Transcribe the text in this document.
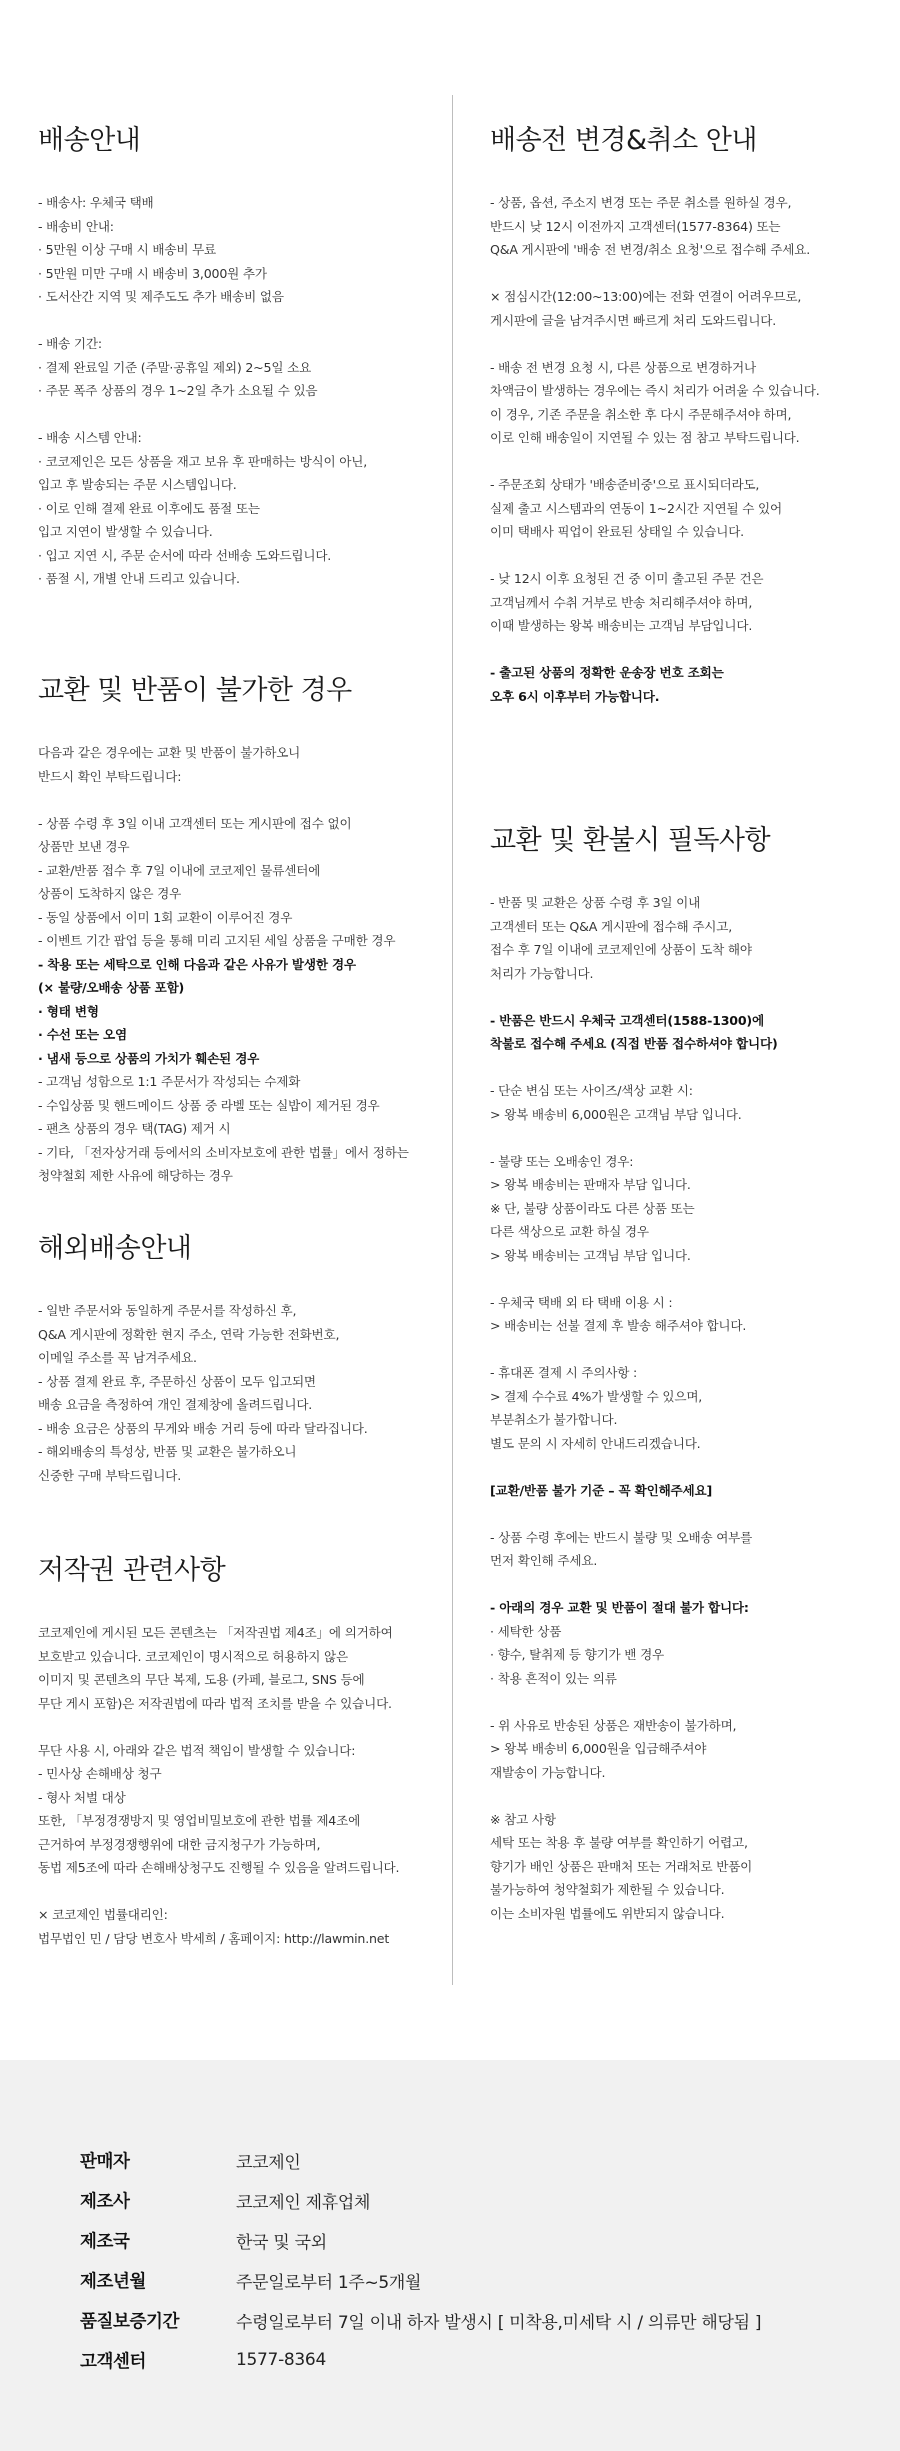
배송안내
- 배송사: 우체국 택배
- 배송비 안내:
· 5만원 이상 구매 시 배송비 무료
· 5만원 미만 구매 시 배송비 3,000원 추가
· 도서산간 지역 및 제주도도 추가 배송비 없음
- 배송 기간:
· 결제 완료일 기준 (주말·공휴일 제외) 2~5일 소요
· 주문 폭주 상품의 경우 1~2일 추가 소요될 수 있음
- 배송 시스템 안내:
· 코코제인은 모든 상품을 재고 보유 후 판매하는 방식이 아닌,
입고 후 발송되는 주문 시스템입니다.
· 이로 인해 결제 완료 이후에도 품절 또는
입고 지연이 발생할 수 있습니다.
· 입고 지연 시, 주문 순서에 따라 선배송 도와드립니다.
· 품절 시, 개별 안내 드리고 있습니다.
교환 및 반품이 불가한 경우
다음과 같은 경우에는 교환 및 반품이 불가하오니
반드시 확인 부탁드립니다:
- 상품 수령 후 3일 이내 고객센터 또는 게시판에 접수 없이
상품만 보낸 경우
- 교환/반품 접수 후 7일 이내에 코코제인 물류센터에
상품이 도착하지 않은 경우
- 동일 상품에서 이미 1회 교환이 이루어진 경우
- 이벤트 기간 팝업 등을 통해 미리 고지된 세일 상품을 구매한 경우
- 착용 또는 세탁으로 인해 다음과 같은 사유가 발생한 경우
(× 불량/오배송 상품 포함)
· 형태 변형
· 수선 또는 오염
· 냄새 등으로 상품의 가치가 훼손된 경우
- 고객님 성함으로 1:1 주문서가 작성되는 수제화
- 수입상품 및 핸드메이드 상품 중 라벨 또는 실밥이 제거된 경우
- 팬츠 상품의 경우 택(TAG) 제거 시
- 기타, 「전자상거래 등에서의 소비자보호에 관한 법률」에서 정하는
청약철회 제한 사유에 해당하는 경우
해외배송안내
- 일반 주문서와 동일하게 주문서를 작성하신 후,
Q&A 게시판에 정확한 현지 주소, 연락 가능한 전화번호,
이메일 주소를 꼭 남겨주세요.
- 상품 결제 완료 후, 주문하신 상품이 모두 입고되면
배송 요금을 측정하여 개인 결제창에 올려드립니다.
- 배송 요금은 상품의 무게와 배송 거리 등에 따라 달라집니다.
- 해외배송의 특성상, 반품 및 교환은 불가하오니
신중한 구매 부탁드립니다.
저작권 관련사항
코코제인에 게시된 모든 콘텐츠는 「저작권법 제4조」에 의거하여
보호받고 있습니다. 코코제인이 명시적으로 허용하지 않은
이미지 및 콘텐츠의 무단 복제, 도용 (카페, 블로그, SNS 등에
무단 게시 포함)은 저작권법에 따라 법적 조치를 받을 수 있습니다.
무단 사용 시, 아래와 같은 법적 책임이 발생할 수 있습니다:
- 민사상 손해배상 청구
- 형사 처벌 대상
또한, 「부정경쟁방지 및 영업비밀보호에 관한 법률 제4조에
근거하여 부정경쟁행위에 대한 금지청구가 가능하며,
동법 제5조에 따라 손해배상청구도 진행될 수 있음을 알려드립니다.
× 코코제인 법률대리인:
법무법인 민 / 담당 변호사 박세희 / 홈페이지: http://lawmin.net
배송전 변경&취소 안내
- 상품, 옵션, 주소지 변경 또는 주문 취소를 원하실 경우,
반드시 낮 12시 이전까지 고객센터(1577-8364) 또는
Q&A 게시판에 '배송 전 변경/취소 요청'으로 접수해 주세요.
× 점심시간(12:00~13:00)에는 전화 연결이 어려우므로,
게시판에 글을 남겨주시면 빠르게 처리 도와드립니다.
- 배송 전 변경 요청 시, 다른 상품으로 변경하거나
차액금이 발생하는 경우에는 즉시 처리가 어려울 수 있습니다.
이 경우, 기존 주문을 취소한 후 다시 주문해주셔야 하며,
이로 인해 배송일이 지연될 수 있는 점 참고 부탁드립니다.
- 주문조회 상태가 '배송준비중'으로 표시되더라도,
실제 출고 시스템과의 연동이 1~2시간 지연될 수 있어
이미 택배사 픽업이 완료된 상태일 수 있습니다.
- 낮 12시 이후 요청된 건 중 이미 출고된 주문 건은
고객님께서 수취 거부로 반송 처리해주셔야 하며,
이때 발생하는 왕복 배송비는 고객님 부담입니다.
- 출고된 상품의 정확한 운송장 번호 조회는
오후 6시 이후부터 가능합니다.
교환 및 환불시 필독사항
- 반품 및 교환은 상품 수령 후 3일 이내
고객센터 또는 Q&A 게시판에 접수해 주시고,
접수 후 7일 이내에 코코제인에 상품이 도착 해야
처리가 가능합니다.
- 반품은 반드시 우체국 고객센터(1588-1300)에
착불로 접수해 주세요 (직접 반품 접수하셔야 합니다)
- 단순 변심 또는 사이즈/색상 교환 시:
> 왕복 배송비 6,000원은 고객님 부담 입니다.
- 불량 또는 오배송인 경우:
> 왕복 배송비는 판매자 부담 입니다.
※ 단, 불량 상품이라도 다른 상품 또는
다른 색상으로 교환 하실 경우
> 왕복 배송비는 고객님 부담 입니다.
- 우체국 택배 외 타 택배 이용 시 :
> 배송비는 선불 결제 후 발송 해주셔야 합니다.
- 휴대폰 결제 시 주의사항 :
> 결제 수수료 4%가 발생할 수 있으며,
부분취소가 불가합니다.
별도 문의 시 자세히 안내드리겠습니다.
[교환/반품 불가 기준 – 꼭 확인해주세요]
- 상품 수령 후에는 반드시 불량 및 오배송 여부를
먼저 확인해 주세요.
- 아래의 경우 교환 및 반품이 절대 불가 합니다:
· 세탁한 상품
· 향수, 탈취제 등 향기가 밴 경우
· 착용 흔적이 있는 의류
- 위 사유로 반송된 상품은 재반송이 불가하며,
> 왕복 배송비 6,000원을 입금해주셔야
재발송이 가능합니다.
※ 참고 사항
세탁 또는 착용 후 불량 여부를 확인하기 어렵고,
향기가 배인 상품은 판매처 또는 거래처로 반품이
불가능하여 청약철회가 제한될 수 있습니다.
이는 소비자원 법률에도 위반되지 않습니다.
판매자	코코제인
제조사	코코제인 제휴업체
제조국	한국 및 국외
제조년월	주문일로부터 1주~5개월
품질보증기간	수령일로부터 7일 이내 하자 발생시 [ 미착용,미세탁 시 / 의류만 해당됨 ]
고객센터	1577-8364
